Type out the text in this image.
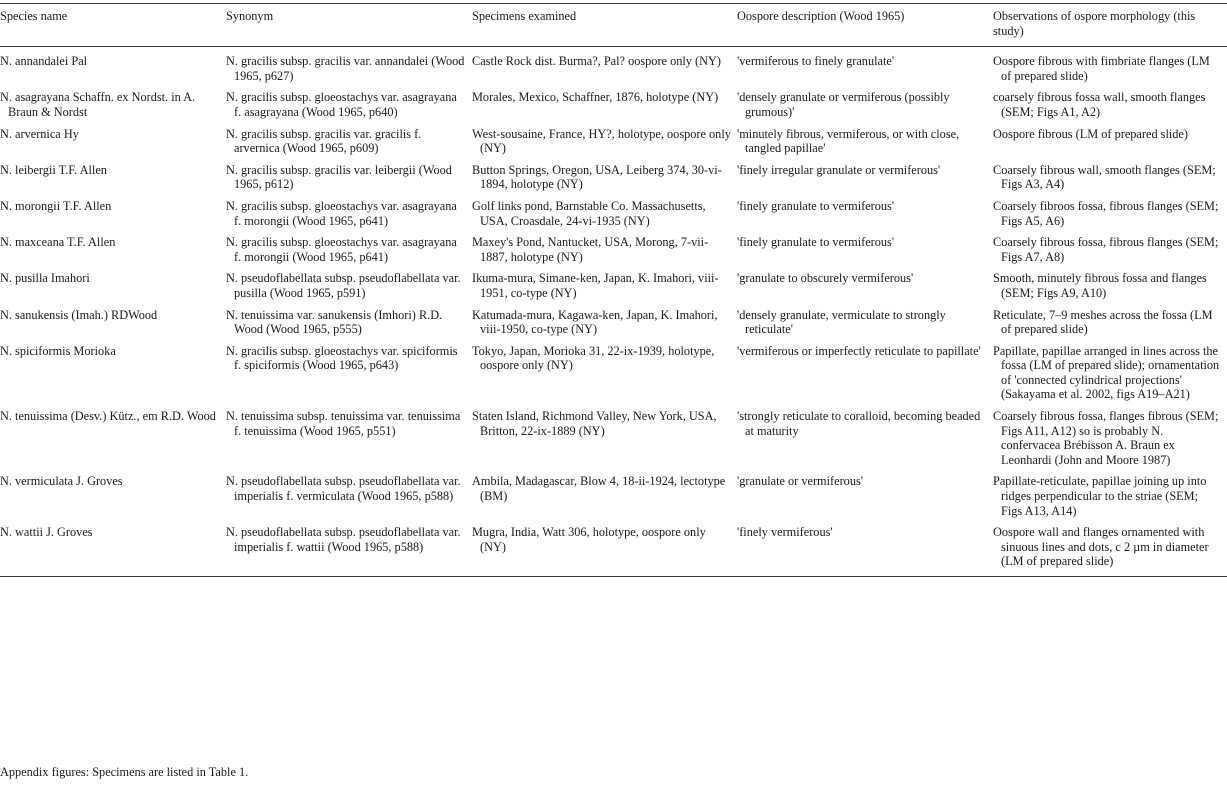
Species name	Synonym	Specimens examined	Oospore description (Wood 1965)	Observations of ospore morphology (this study)

N. annandalei Pal	N. gracilis subsp. gracilis var. annandalei (Wood 1965, p627)	Castle Rock dist. Burma?, Pal? oospore only (NY)	'vermiferous to finely granulate'	Oospore fibrous with fimbriate flanges (LM of prepared slide)

N. asagrayana Schaffn. ex Nordst. in A. Braun & Nordst	N. gracilis subsp. gloeostachys var. asagrayana f. asagrayana (Wood 1965, p640)	Morales, Mexico, Schaffner, 1876, holotype (NY)	'densely granulate or vermiferous (possibly grumous)'	coarsely fibrous fossa wall, smooth flanges (SEM; Figs A1, A2)

N. arvernica Hy	N. gracilis subsp. gracilis var. gracilis f. arvernica (Wood 1965, p609)	West-sousaine, France, HY?, holotype, oospore only (NY)	'minutely fibrous, vermiferous, or with close, tangled papillae'	Oospore fibrous (LM of prepared slide)

N. leibergii T.F. Allen	N. gracilis subsp. gracilis var. leibergii (Wood 1965, p612)	Button Springs, Oregon, USA, Leiberg 374, 30-vi-1894, holotype (NY)	'finely irregular granulate or vermiferous'	Coarsely fibrous wall, smooth flanges (SEM; Figs A3, A4)

N. morongii T.F. Allen	N. gracilis subsp. gloeostachys var. asagrayana f. morongii (Wood 1965, p641)	Golf links pond, Barnstable Co. Massachusetts, USA, Croasdale, 24-vi-1935 (NY)	'finely granulate to vermiferous'	Coarsely fibroos fossa, fibrous flanges (SEM; Figs A5, A6)

N. maxceana T.F. Allen	N. gracilis subsp. gloeostachys var. asagrayana f. morongii (Wood 1965, p641)	Maxey's Pond, Nantucket, USA, Morong, 7-vii-1887, holotype (NY)	'finely granulate to vermiferous'	Coarsely fibrous fossa, fibrous flanges (SEM; Figs A7, A8)

N. pusilla Imahori	N. pseudoflabellata subsp. pseudoflabellata var. pusilla (Wood 1965, p591)	Ikuma-mura, Simane-ken, Japan, K. Imahori, viii-1951, co-type (NY)	'granulate to obscurely vermiferous'	Smooth, minutely fibrous fossa and flanges (SEM; Figs A9, A10)

N. sanukensis (Imah.) RDWood	N. tenuissima var. sanukensis (Imhori) R.D. Wood (Wood 1965, p555)	Katumada-mura, Kagawa-ken, Japan, K. Imahori, viii-1950, co-type (NY)	'densely granulate, vermiculate to strongly reticulate'	Reticulate, 7–9 meshes across the fossa (LM of prepared slide)

N. spiciformis Morioka	N. gracilis subsp. gloeostachys var. spiciformis f. spiciformis (Wood 1965, p643)	Tokyo, Japan, Morioka 31, 22-ix-1939, holotype, oospore only (NY)	'vermiferous or imperfectly reticulate to papillate'	Papillate, papillae arranged in lines across the fossa (LM of prepared slide); ornamentation of 'connected cylindrical projections' (Sakayama et al. 2002, figs A19–A21)

N. tenuissima (Desv.) Kütz., em R.D. Wood	N. tenuissima subsp. tenuissima var. tenuissima f. tenuissima (Wood 1965, p551)	Staten Island, Richmond Valley, New York, USA, Britton, 22-ix-1889 (NY)	'strongly reticulate to coralloid, becoming beaded at maturity	Coarsely fibrous fossa, flanges fibrous (SEM; Figs A11, A12) so is probably N. confervacea Brébisson A. Braun ex Leonhardi (John and Moore 1987)

N. vermiculata J. Groves	N. pseudoflabellata subsp. pseudoflabellata var. imperialis f. vermiculata (Wood 1965, p588)	Ambila, Madagascar, Blow 4, 18-ii-1924, lectotype (BM)	'granulate or vermiferous'	Papillate-reticulate, papillae joining up into ridges perpendicular to the striae (SEM; Figs A13, A14)

N. wattii J. Groves	N. pseudoflabellata subsp. pseudoflabellata var. imperialis f. wattii (Wood 1965, p588)	Mugra, India, Watt 306, holotype, oospore only (NY)	'finely vermiferous'	Oospore wall and flanges ornamented with sinuous lines and dots, c 2 µm in diameter (LM of prepared slide)
Appendix figures: Specimens are listed in Table 1.
